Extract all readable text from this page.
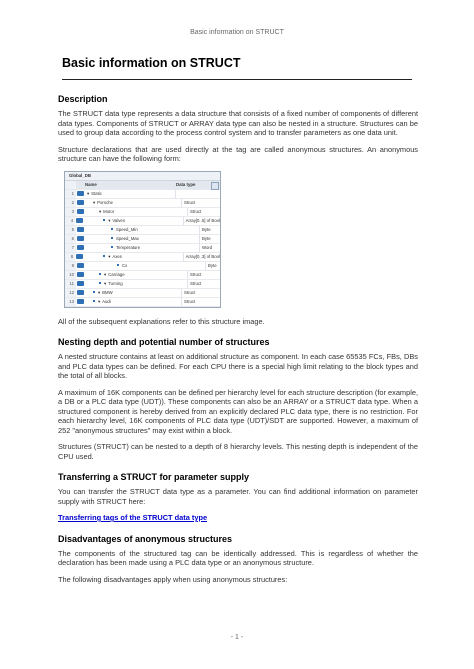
Basic information on STRUCT
Basic information on STRUCT
Description

The STRUCT data type represents a data structure that consists of a fixed number of components of different data types. Components of STRUCT or ARRAY data type can also be nested in a structure. Structures can be used to group data according to the process control system and to transfer parameters as one data unit.

Structure declarations that are used directly at the tag are called anonymous structures. An anonymous structure can have the following form:

Global_DB
Name	Data type
1	▾ Static
2	▾ Porsche	Struct
3	▾ Motor	Struct
4	▾ Valves	Array[0..5] of Bool
5	Speed_Min	Byte
6	Speed_Max	Byte
7	Temperature	Word
8	▾ Axes	Array[0..3] of Bool
9	Cx	Byte
10	▾ Carriage	Struct
11	▾ Turning	Struct
12	▾ BMW	Struct
13	▾ Audi	Struct

All of the subsequent explanations refer to this structure image.

Nesting depth and potential number of structures

A nested structure contains at least on additional structure as component. In each case 65535 FCs, FBs, DBs and PLC data types can be defined. For each CPU there is a special high limit relating to the block types and the total of all blocks.

A maximum of 16K components can be defined per hierarchy level for each structure description (for example, a DB or a PLC data type (UDT)). These components can also be an ARRAY or a STRUCT data type. When a structured component is hereby derived from an explicitly declared PLC data type, there is no restriction. For each hierarchy level, 16K components of PLC data type (UDT)/SDT are supported. However, a maximum of 252 "anonymous structures" may exist within a block.

Structures (STRUCT) can be nested to a depth of 8 hierarchy levels. This nesting depth is independent of the CPU used.

Transferring a STRUCT for parameter supply

You can transfer the STRUCT data type as a parameter. You can find additional information on parameter supply with STRUCT here:

Transferring tags of the STRUCT data type

Disadvantages of anonymous structures

The components of the structured tag can be identically addressed. This is regardless of whether the declaration has been made using a PLC data type or an anonymous structure.

The following disadvantages apply when using anonymous structures:

- 1 -
